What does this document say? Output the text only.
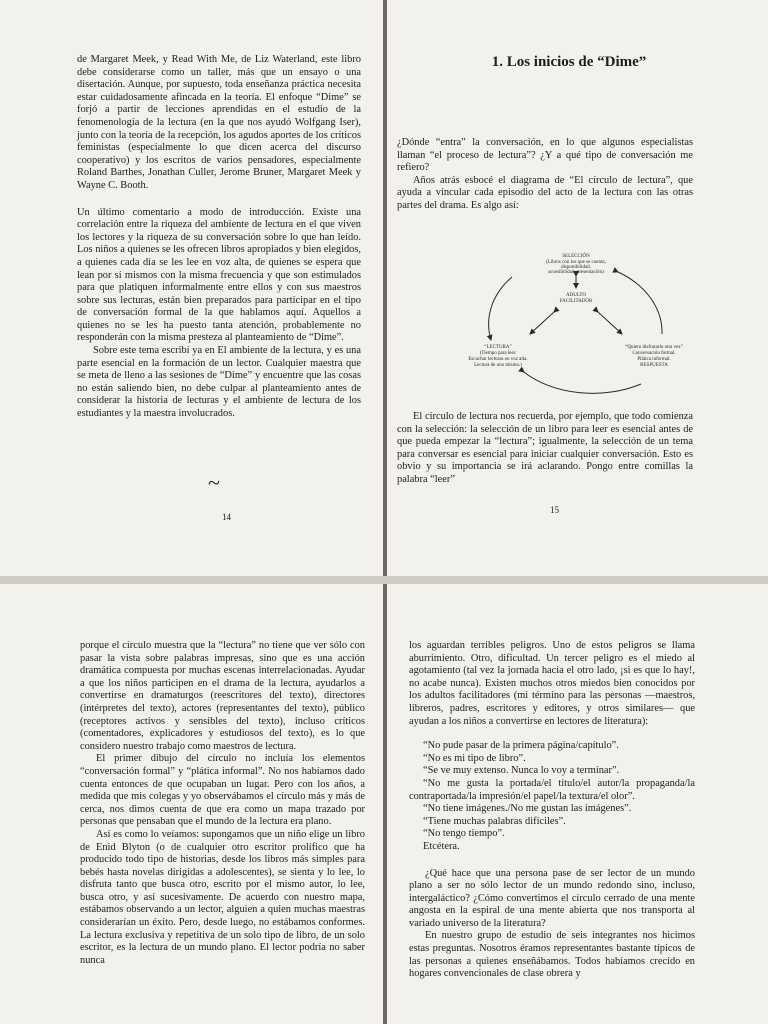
de Margaret Meek, y Read With Me, de Liz Waterland, este libro debe considerarse como un taller, más que un ensayo o una disertación. Aunque, por supuesto, toda enseñanza práctica necesita estar cuidadosamente afincada en la teoría. El enfoque “Dime” se forjó a partir de lecciones aprendidas en el estudio de la fenomenología de la lectura (en la que nos ayudó Wolfgang Iser), junto con la teoría de la recepción, los agudos aportes de los críticos feministas (especialmente lo que dicen acerca del discurso cooperativo) y los escritos de varios pensadores, especialmente Roland Barthes, Jonathan Culler, Jerome Bruner, Margaret Meek y Wayne C. Booth.

Un último comentario a modo de introducción. Existe una correlación entre la riqueza del ambiente de lectura en el que viven los lectores y la riqueza de su conversación sobre lo que han leído. Los niños a quienes se les ofrecen libros apropiados y bien elegidos, a quienes cada día se les lee en voz alta, de quienes se espera que lean por sí mismos con la misma frecuencia y que son estimulados para que platiquen informalmente entre ellos y con sus maestros sobre sus lecturas, están bien preparados para participar en el tipo de conversación formal de la que hablamos aquí. Aquellos a quienes no se les ha puesto tanta atención, probablemente no responderán con la misma presteza al planteamiento de “Dime”.

Sobre este tema escribí ya en El ambiente de la lectura, y es una parte esencial en la formación de un lector. Cualquier maestra que se meta de lleno a las sesiones de “Dime” y encuentre que las cosas no están saliendo bien, no debe culpar al planteamiento antes de considerar la historia de lecturas y el ambiente de lectura de los estudiantes y la maestra involucrados.

~
14
1. Los inicios de “Dime”

¿Dónde “entra” la conversación, en lo que algunos especialistas llaman “el proceso de lectura”? ¿Y a qué tipo de conversación me refiero?

Años atrás esbocé el diagrama de “El círculo de lectura”, que ayuda a vincular cada episodio del acto de la lectura con las otras partes del drama. Es algo así:

SELECCIÓN
(Libros con los que se cuenta,
disponibilidad,
accesibilidad, presentación)
ADULTO
FACILITADOR
“LECTURA”
(Tiempo para leer.
Escuchar lecturas en voz alta.
Lectura de uno mismo.)
“Quiero disfrutarlo otra vez”
Conversación formal.
Plática informal.
RESPUESTA

El círculo de lectura nos recuerda, por ejemplo, que todo comienza con la selección: la selección de un libro para leer es esencial antes de que pueda empezar la “lectura”; igualmente, la selección de un tema para conversar es esencial para iniciar cualquier conversación. Esto es obvio y su importancia se irá aclarando. Pongo entre comillas la palabra “leer”

15

porque el círculo muestra que la “lectura” no tiene que ver sólo con pasar la vista sobre palabras impresas, sino que es una acción dramática compuesta por muchas escenas interrelacionadas. Ayudar a que los niños participen en el drama de la lectura, ayudarlos a convertirse en dramaturgos (reescritores del texto), directores (intérpretes del texto), actores (representantes del texto), público (receptores activos y sensibles del texto), incluso críticos (comentadores, explicadores y estudiosos del texto), es lo que considero nuestro trabajo como maestros de lectura.

El primer dibujo del círculo no incluía los elementos “conversación formal” y “plática informal”. No nos habíamos dado cuenta entonces de que ocupaban un lugar. Pero con los años, a medida que mis colegas y yo observábamos el círculo más y más de cerca, nos dimos cuenta de que era como un mapa trazado por personas que pensaban que el mundo de la lectura era plano.

Así es como lo veíamos: supongamos que un niño elige un libro de Enid Blyton (o de cualquier otro escritor prolífico que ha producido todo tipo de historias, desde los libros más simples para bebés hasta novelas dirigidas a adolescentes), se sienta y lo lee, lo disfruta tanto que busca otro, escrito por el mismo autor, lo lee, busca otro, y así sucesivamente. De acuerdo con nuestro mapa, estábamos observando a un lector, alguien a quien muchas maestras considerarían un éxito. Pero, desde luego, no estábamos conformes. La lectura exclusiva y repetitiva de un solo tipo de libro, de un solo escritor, es la lectura de un mundo plano. El lector podría no saber nunca

los aguardan terribles peligros. Uno de estos peligros se llama aburrimiento. Otro, dificultad. Un tercer peligro es el miedo al agotamiento (tal vez la jornada hacia el otro lado, ¡si es que lo hay!, no acabe nunca). Existen muchos otros miedos bien conocidos por los adultos facilitadores (mi término para las personas —maestros, libreros, padres, escritores y editores, y otros similares— que ayudan a los niños a convertirse en lectores de literatura):

“No pude pasar de la primera página/capítulo”.

“No es mi tipo de libro”.

“Se ve muy extenso. Nunca lo voy a terminar”.

“No me gusta la portada/el título/el autor/la propaganda/la contraportada/la impresión/el papel/la textura/el olor”.

“No tiene imágenes./No me gustan las imágenes”.

“Tiene muchas palabras difíciles”.

“No tengo tiempo”.

Etcétera.

¿Qué hace que una persona pase de ser lector de un mundo plano a ser no sólo lector de un mundo redondo sino, incluso, intergaláctico? ¿Cómo convertimos el círculo cerrado de una mente angosta en la espiral de una mente abierta que nos transporta al variado universo de la literatura?

En nuestro grupo de estudio de seis integrantes nos hicimos estas preguntas. Nosotros éramos representantes bastante típicos de las personas a quienes enseñábamos. Todos habíamos crecido en hogares convencionales de clase obrera y
